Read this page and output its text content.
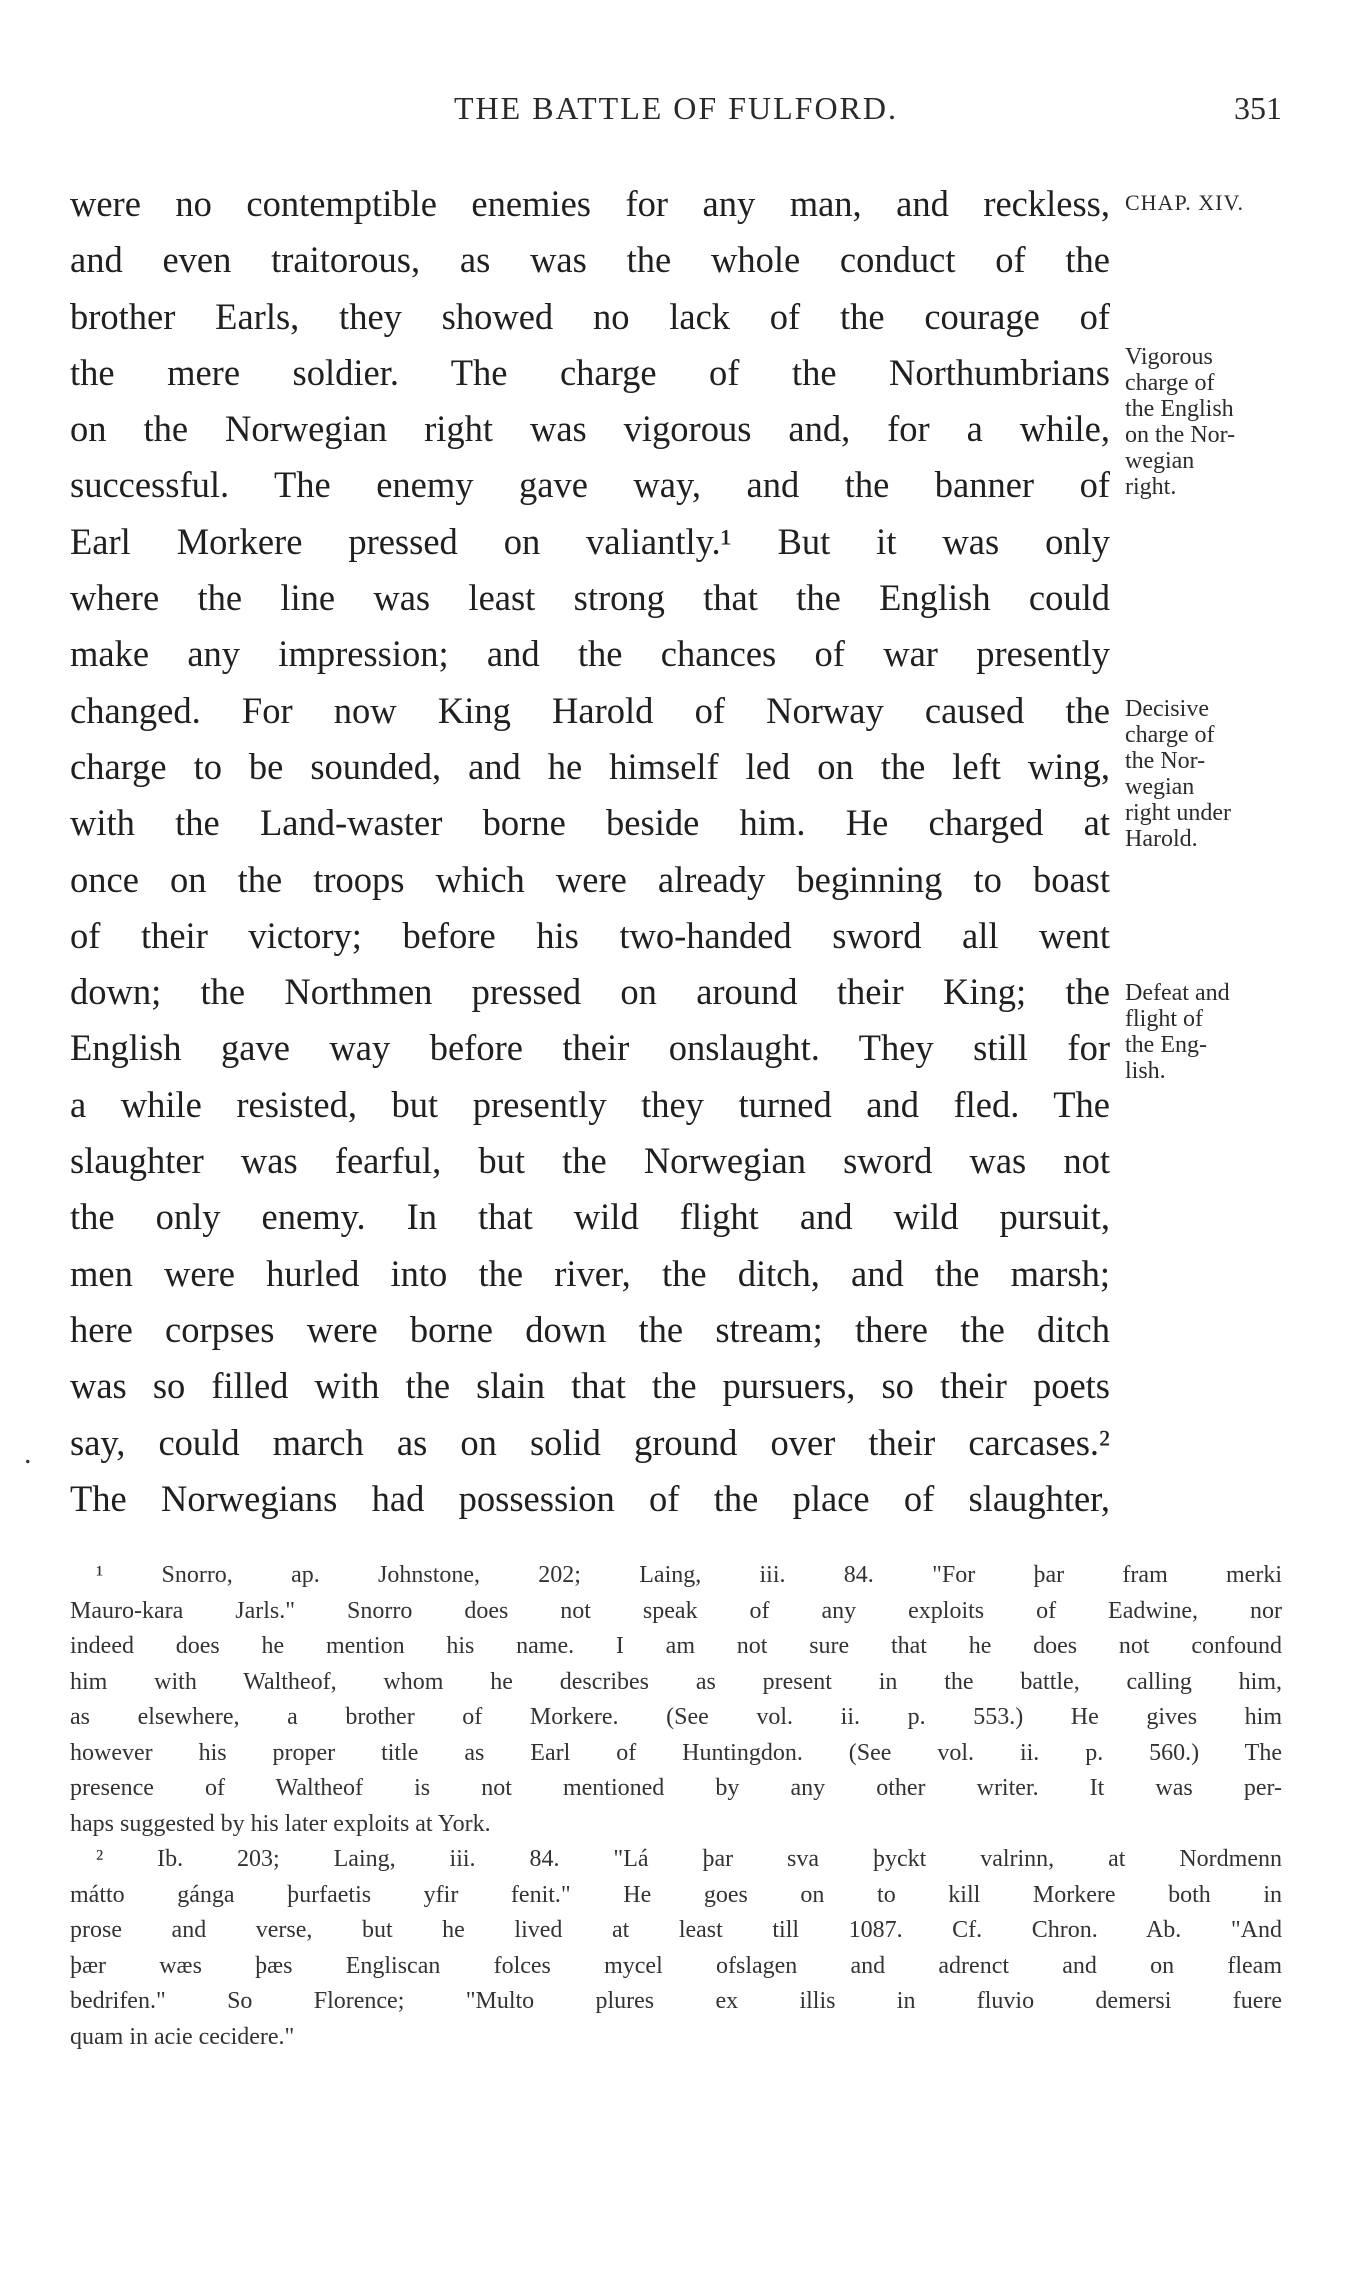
THE BATTLE OF FULFORD.	351
were no contemptible enemies for any man, and reckless,
and even traitorous, as was the whole conduct of the
brother Earls, they showed no lack of the courage of
the mere soldier. The charge of the Northumbrians
on the Norwegian right was vigorous and, for a while,
successful. The enemy gave way, and the banner of
Earl Morkere pressed on valiantly.¹ But it was only
where the line was least strong that the English could
make any impression; and the chances of war presently
changed. For now King Harold of Norway caused the
charge to be sounded, and he himself led on the left wing,
with the Land-waster borne beside him. He charged at
once on the troops which were already beginning to boast
of their victory; before his two-handed sword all went
down; the Northmen pressed on around their King; the
English gave way before their onslaught. They still for
a while resisted, but presently they turned and fled. The
slaughter was fearful, but the Norwegian sword was not
the only enemy. In that wild flight and wild pursuit,
men were hurled into the river, the ditch, and the marsh;
here corpses were borne down the stream; there the ditch
was so filled with the slain that the pursuers, so their poets
say, could march as on solid ground over their carcases.²
The Norwegians had possession of the place of slaughter,
CHAP. XIV.
Vigorous
charge of
the English
on the Nor-
wegian
right.
Decisive
charge of
the Nor-
wegian
right under
Harold.
Defeat and
flight of
the Eng-
lish.
.
¹ Snorro, ap. Johnstone, 202; Laing, iii. 84. "For þar fram merki
Mauro-kara Jarls." Snorro does not speak of any exploits of Eadwine, nor
indeed does he mention his name. I am not sure that he does not confound
him with Waltheof, whom he describes as present in the battle, calling him,
as elsewhere, a brother of Morkere. (See vol. ii. p. 553.) He gives him
however his proper title as Earl of Huntingdon. (See vol. ii. p. 560.) The
presence of Waltheof is not mentioned by any other writer. It was per-
haps suggested by his later exploits at York.
² Ib. 203; Laing, iii. 84. "Lá þar sva þyckt valrinn, at Nordmenn
mátto gánga þurfaetis yfir fenit." He goes on to kill Morkere both in
prose and verse, but he lived at least till 1087. Cf. Chron. Ab. "And
þær wæs þæs Engliscan folces mycel ofslagen and adrenct and on fleam
bedrifen." So Florence; "Multo plures ex illis in fluvio demersi fuere
quam in acie cecidere."
